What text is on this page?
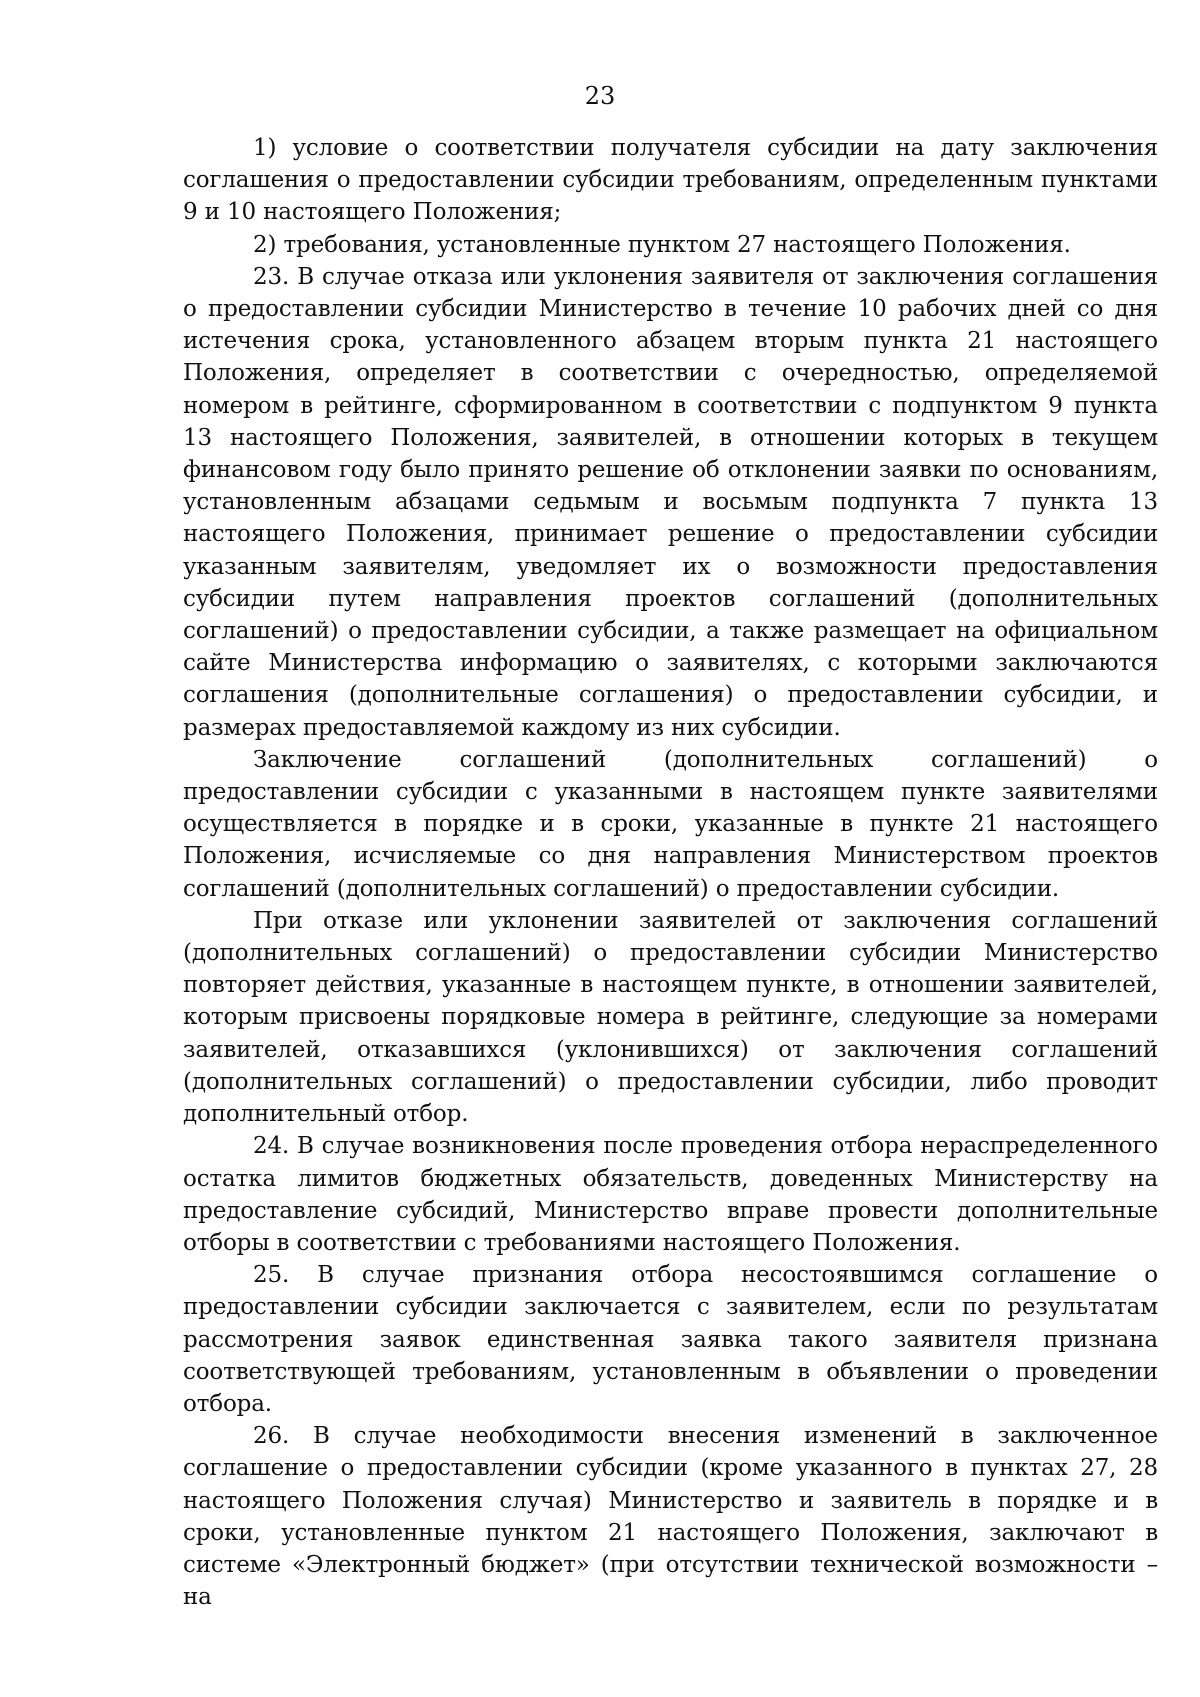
23

1) условие о соответствии получателя субсидии на дату заключения соглашения о предоставлении субсидии требованиям, определенным пунктами 9 и 10 настоящего Положения;

2) требования, установленные пунктом 27 настоящего Положения.

23. В случае отказа или уклонения заявителя от заключения соглашения о предоставлении субсидии Министерство в течение 10 рабочих дней со дня истечения срока, установленного абзацем вторым пункта 21 настоящего Положения, определяет в соответствии с очередностью, определяемой номером в рейтинге, сформированном в соответствии с подпунктом 9 пункта 13 настоящего Положения, заявителей, в отношении которых в текущем финансовом году было принято решение об отклонении заявки по основаниям, установленным абзацами седьмым и восьмым подпункта 7 пункта 13 настоящего Положения, принимает решение о предоставлении субсидии указанным заявителям, уведомляет их о возможности предоставления субсидии путем направления проектов соглашений (дополнительных соглашений) о предоставлении субсидии, а также размещает на официальном сайте Министерства информацию о заявителях, с которыми заключаются соглашения (дополнительные соглашения) о предоставлении субсидии, и размерах предоставляемой каждому из них субсидии.

Заключение соглашений (дополнительных соглашений) о предоставлении субсидии с указанными в настоящем пункте заявителями осуществляется в порядке и в сроки, указанные в пункте 21 настоящего Положения, исчисляемые со дня направления Министерством проектов соглашений (дополнительных соглашений) о предоставлении субсидии.

При отказе или уклонении заявителей от заключения соглашений (дополнительных соглашений) о предоставлении субсидии Министерство повторяет действия, указанные в настоящем пункте, в отношении заявителей, которым присвоены порядковые номера в рейтинге, следующие за номерами заявителей, отказавшихся (уклонившихся) от заключения соглашений (дополнительных соглашений) о предоставлении субсидии, либо проводит дополнительный отбор.

24. В случае возникновения после проведения отбора нераспределенного остатка лимитов бюджетных обязательств, доведенных Министерству на предоставление субсидий, Министерство вправе провести дополнительные отборы в соответствии с требованиями настоящего Положения.

25. В случае признания отбора несостоявшимся соглашение о предоставлении субсидии заключается с заявителем, если по результатам рассмотрения заявок единственная заявка такого заявителя признана соответствующей требованиям, установленным в объявлении о проведении отбора.

26. В случае необходимости внесения изменений в заключенное соглашение о предоставлении субсидии (кроме указанного в пунктах 27, 28 настоящего Положения случая) Министерство и заявитель в порядке и в сроки, установленные пунктом 21 настоящего Положения, заключают в системе «Электронный бюджет» (при отсутствии технической возможности – на
